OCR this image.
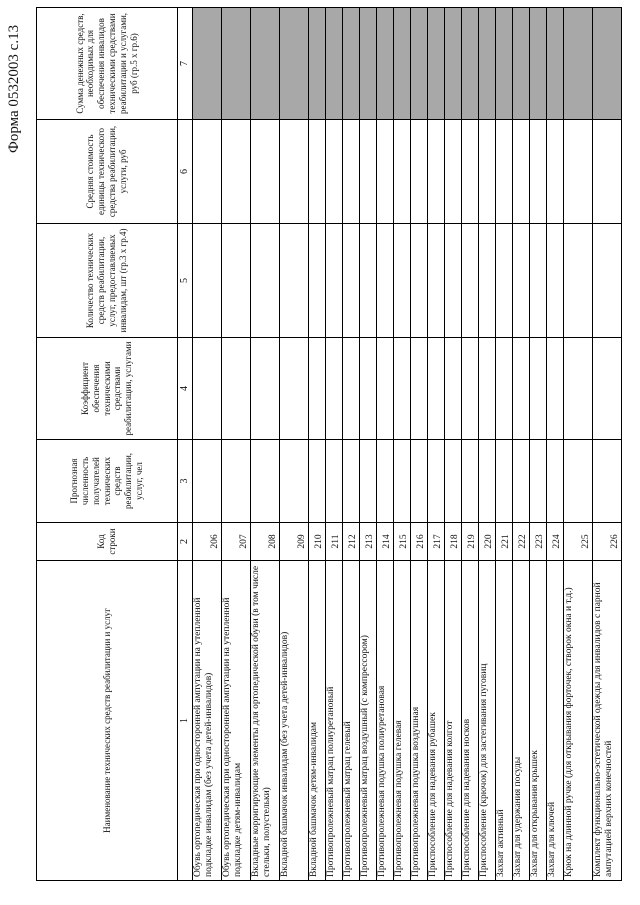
Форма 0532003 с.13
Наименование технических средств реабилитации и услуг	Код строки	Прогнозная численность получателей технических средств реабилитации, услуг, чел	Коэффициент обеспечения техническими средствами реабилитации, услугами	Количество технических средств реабилитации, услуг, предоставляемых инвалидам, шт (гр.3 х гр.4)	Средняя стоимость единицы технического средства реабилитации, услуги, руб	Сумма денежных средств, необходимых для обеспечения инвалидов техническими средствами реабилитации и услугами, руб (гр.5 х гр.6)
1	2	3	4	5	6	7
Обувь ортопедическая при односторонней ампутации на утепленной подкладке инвалидам (без учета детей-инвалидов)	206					
Обувь ортопедическая при односторонней ампутации на утепленной подкладке детям-инвалидам	207					
Вкладные корригирующие элементы для ортопедической обуви (в том числе стельки, полустельки)	208					
Вкладной башмачок инвалидам (без учета детей-инвалидов)	209					
Вкладной башмачок детям-инвалидам	210					
Противопролежневый матрац полиуретановый	211					
Противопролежневый матрац гелевый	212					
Противопролежневый матрац воздушный (с компрессором)	213					
Противопролежневая подушка полиуретановая	214					
Противопролежневая подушка гелевая	215					
Противопролежневая подушка воздушная	216					
Приспособление для надевания рубашек	217					
Приспособление для надевания колгот	218					
Приспособление для надевания носков	219					
Приспособление (крючок) для застегивания пуговиц	220					
Захват активный	221					
Захват для удержания посуды	222					
Захват для открывания крышек	223					
Захват для ключей	224					
Крюк на длинной ручке (для открывания форточек, створок окна и т.д.)	225					
Комплект функционально-эстетической одежды для инвалидов с парной ампутацией верхних конечностей	226					
